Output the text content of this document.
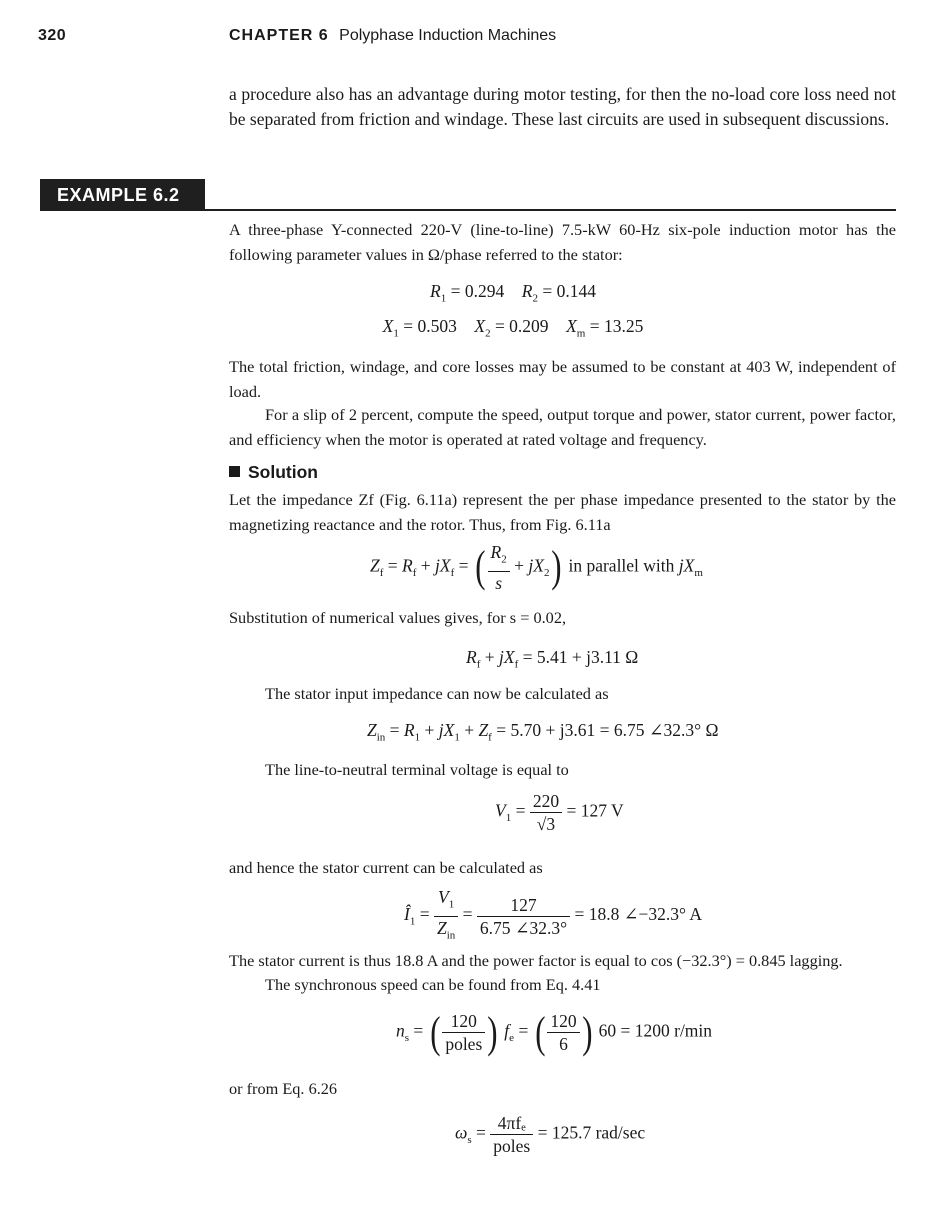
320	CHAPTER 6 Polyphase Induction Machines

a procedure also has an advantage during motor testing, for then the no-load core loss need not be separated from friction and windage. These last circuits are used in subsequent discussions.

EXAMPLE 6.2

A three-phase Y-connected 220-V (line-to-line) 7.5-kW 60-Hz six-pole induction motor has the following parameter values in Ω/phase referred to the stator:

$R_1 = 0.294$    $R_2 = 0.144$
$X_1 = 0.503$    $X_2 = 0.209$    $X_m = 13.25$

The total friction, windage, and core losses may be assumed to be constant at 403 W, independent of load.

For a slip of 2 percent, compute the speed, output torque and power, stator current, power factor, and efficiency when the motor is operated at rated voltage and frequency.

Solution

Let the impedance Zf (Fig. 6.11a) represent the per phase impedance presented to the stator by the magnetizing reactance and the rotor. Thus, from Fig. 6.11a

$Z_f = R_f + jX_f$ = ( $\frac{R_2}{s} + jX_2$) in parallel with $jX_m$

Substitution of numerical values gives, for s = 0.02,

$R_f + jX_f = 5.41 + j3.11$ Ω

The stator input impedance can now be calculated as

$Z_{in} = R_1 + jX_1 + Z_f = 5.70 + j3.61 = 6.75$ ∠32.3° Ω

The line-to-neutral terminal voltage is equal to

$V_1 = \frac{220}{√3} = 127$ V

and hence the stator current can be calculated as

$Î_1 = \frac{V_1}{Z_{in}} = \frac{127}{6.75 \angle 32.3^\circ} = 18.8$ ∠−32.3° A

The stator current is thus 18.8 A and the power factor is equal to cos (−32.3°) = 0.845 lagging.

The synchronous speed can be found from Eq. 4.41

$n_s$ = ( $\frac{120}{\text{poles}}$ ) $f_e$ = ( $\frac{120}{6}$ ) 60 = 1200 r/min

or from Eq. 6.26

$\omega_s = \frac{\text{4πfₑ}}{\text{poles}} = 125.7$ rad/sec
